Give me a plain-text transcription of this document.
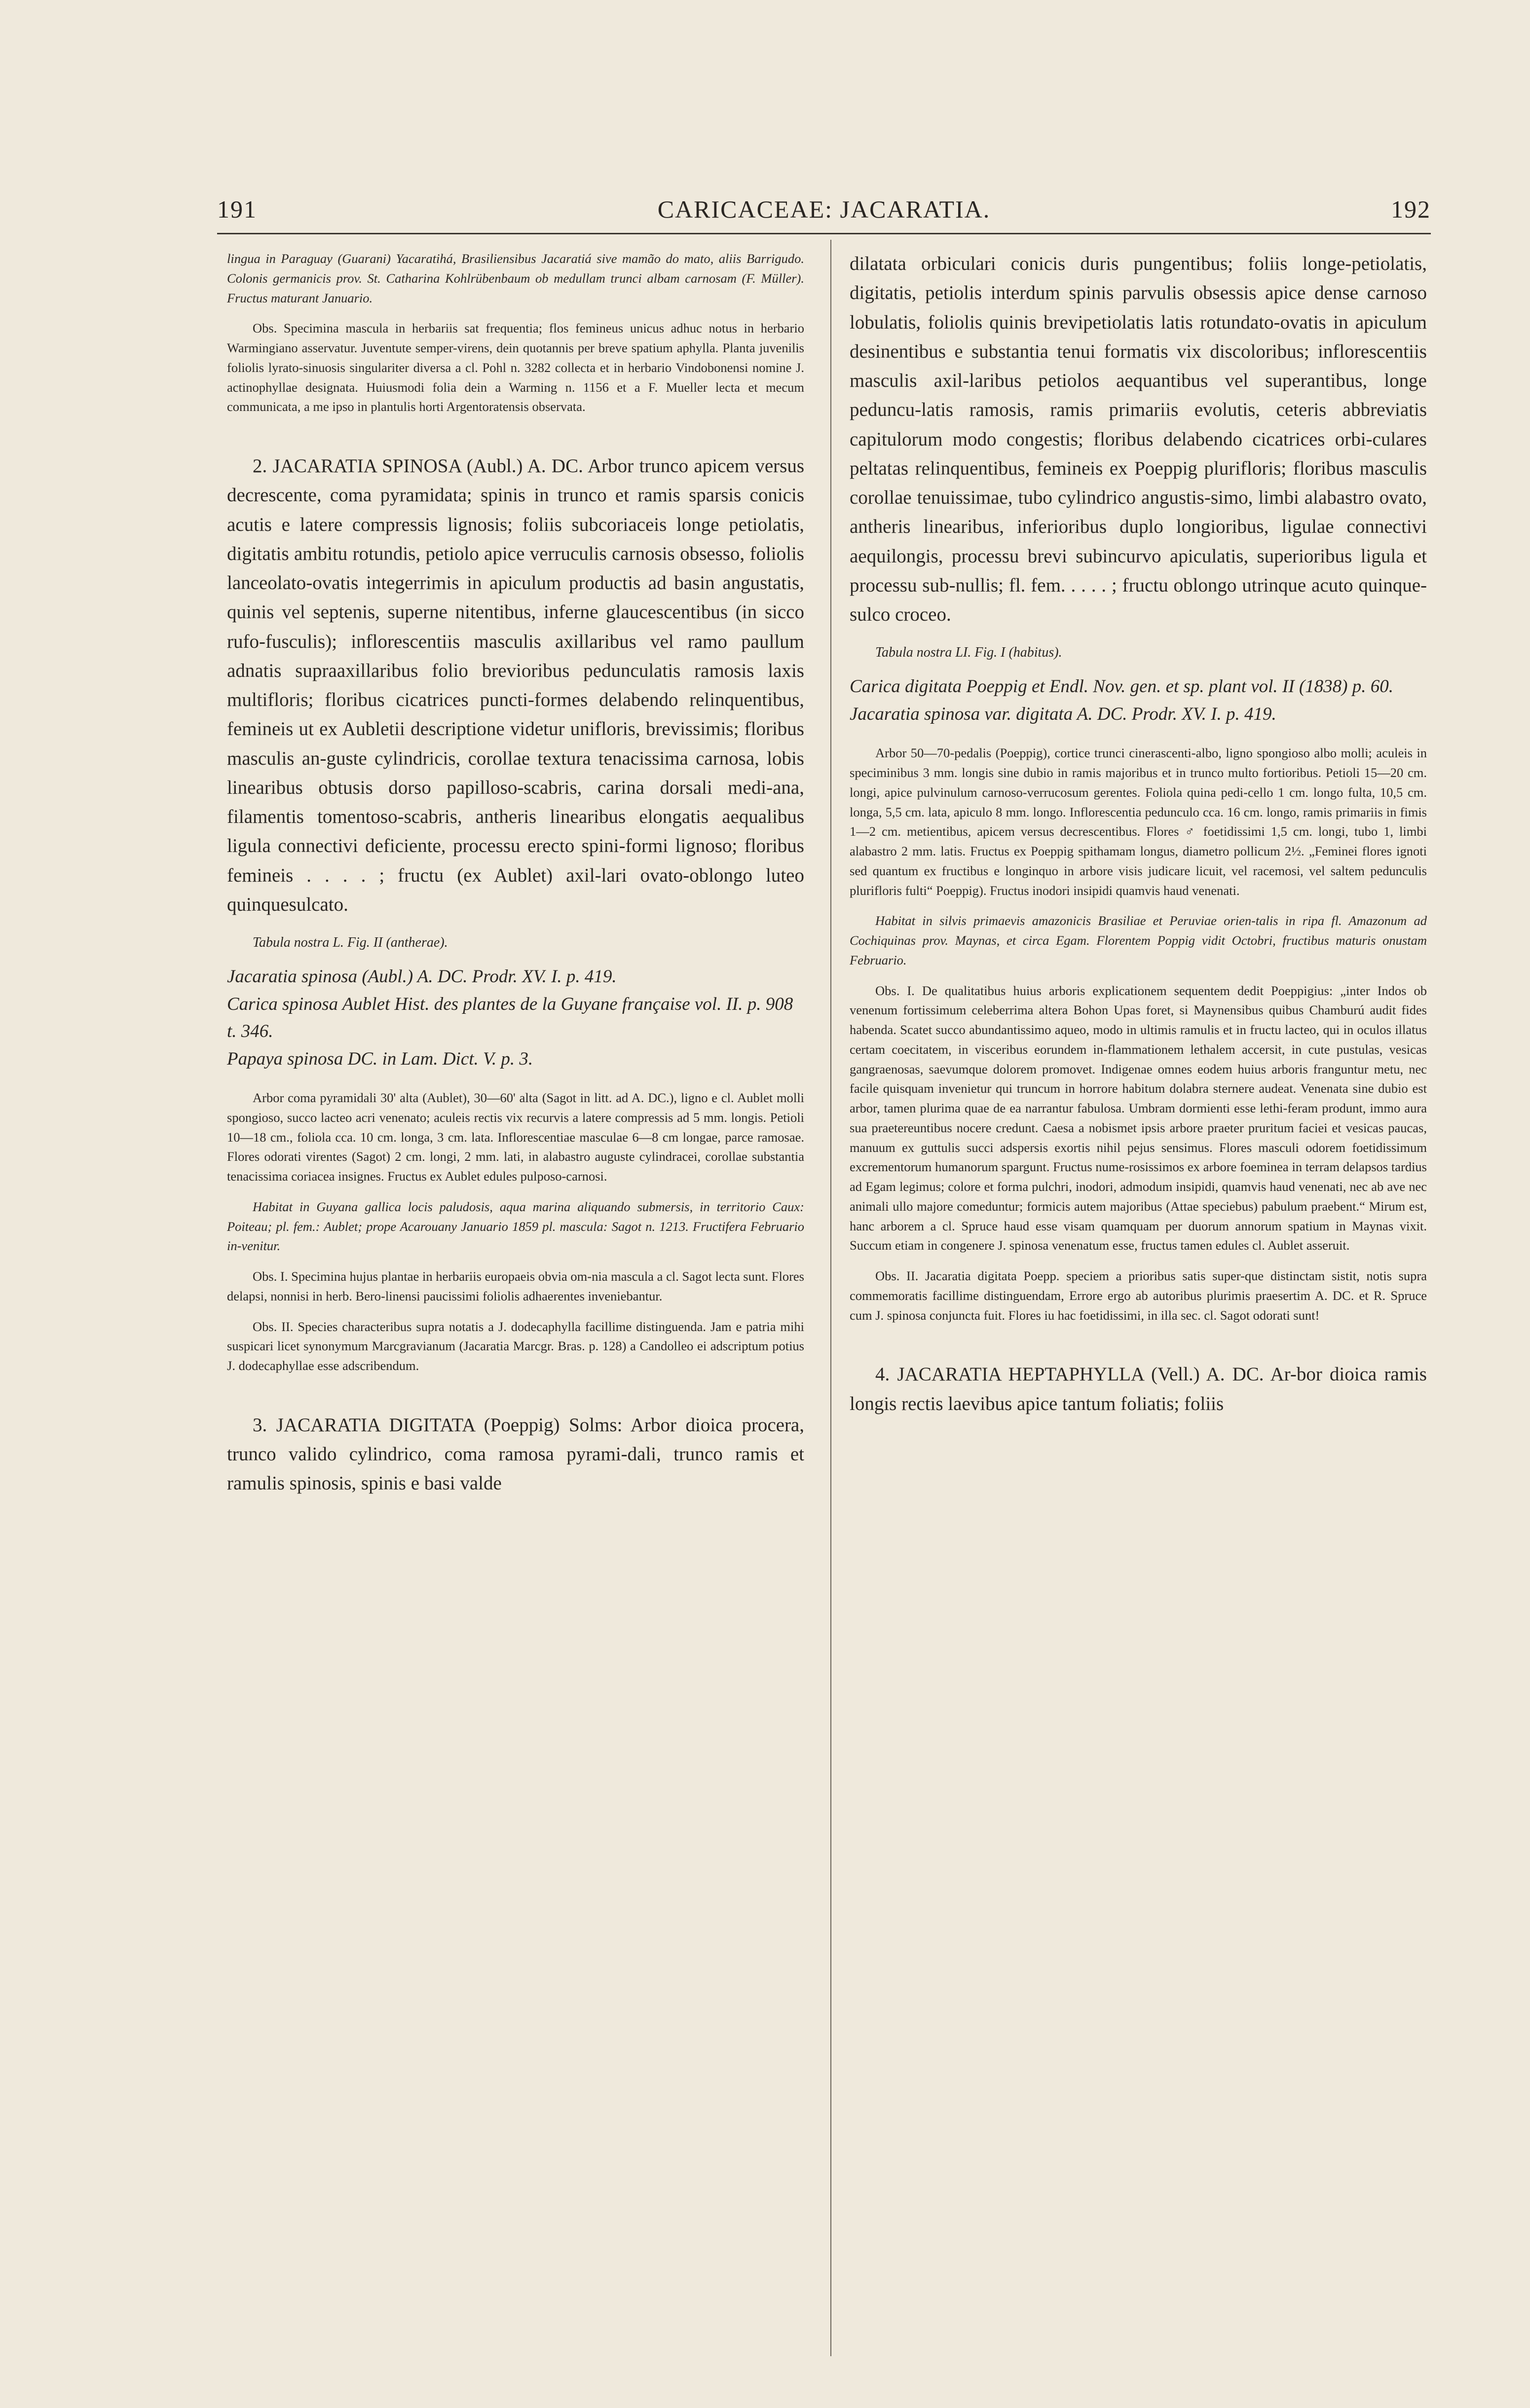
191	CARICACEAE: JACARATIA.	192

lingua in Paraguay (Guarani) Yacaratihá, Brasiliensibus Jacaratiá sive mamão do mato, aliis Barrigudo. Colonis germanicis prov. St. Catharina Kohlrübenbaum ob medullam trunci albam carnosam (F. Müller). Fructus maturant Januario.

Obs. Specimina mascula in herbariis sat frequentia; flos femineus unicus adhuc notus in herbario Warmingiano asservatur. Juventute semper-virens, dein quotannis per breve spatium aphylla. Planta juvenilis foliolis lyrato-sinuosis singulariter diversa a cl. Pohl n. 3282 collecta et in herbario Vindobonensi nomine J. actinophyllae designata. Huiusmodi folia dein a Warming n. 1156 et a F. Mueller lecta et mecum communicata, a me ipso in plantulis horti Argentoratensis observata.

2. JACARATIA SPINOSA (Aubl.) A. DC. Arbor trunco apicem versus decrescente, coma pyramidata; spinis in trunco et ramis sparsis conicis acutis e latere compressis lignosis; foliis subcoriaceis longe petiolatis, digitatis ambitu rotundis, petiolo apice verruculis carnosis obsesso, foliolis lanceolato-ovatis integerrimis in apiculum productis ad basin angustatis, quinis vel septenis, superne nitentibus, inferne glaucescentibus (in sicco rufo-fusculis); inflorescentiis masculis axillaribus vel ramo paullum adnatis supraaxillaribus folio brevioribus pedunculatis ramosis laxis multifloris; floribus cicatrices puncti-formes delabendo relinquentibus, femineis ut ex Aubletii descriptione videtur unifloris, brevissimis; floribus masculis an-guste cylindricis, corollae textura tenacissima carnosa, lobis linearibus obtusis dorso papilloso-scabris, carina dorsali medi-ana, filamentis tomentoso-scabris, antheris linearibus elongatis aequalibus ligula connectivi deficiente, processu erecto spini-formi lignoso; floribus femineis . . . . ; fructu (ex Aublet) axil-lari ovato-oblongo luteo quinquesulcato.

Tabula nostra L. Fig. II (antherae).

Jacaratia spinosa (Aubl.) A. DC. Prodr. XV. I. p. 419.
Carica spinosa Aublet Hist. des plantes de la Guyane française vol. II. p. 908 t. 346.
Papaya spinosa DC. in Lam. Dict. V. p. 3.

Arbor coma pyramidali 30' alta (Aublet), 30—60' alta (Sagot in litt. ad A. DC.), ligno e cl. Aublet molli spongioso, succo lacteo acri venenato; aculeis rectis vix recurvis a latere compressis ad 5 mm. longis. Petioli 10—18 cm., foliola cca. 10 cm. longa, 3 cm. lata. Inflorescentiae masculae 6—8 cm longae, parce ramosae. Flores odorati virentes (Sagot) 2 cm. longi, 2 mm. lati, in alabastro auguste cylindracei, corollae substantia tenacissima coriacea insignes. Fructus ex Aublet edules pulposo-carnosi.

Habitat in Guyana gallica locis paludosis, aqua marina aliquando submersis, in territorio Caux: Poiteau; pl. fem.: Aublet; prope Acarouany Januario 1859 pl. mascula: Sagot n. 1213. Fructifera Februario in-venitur.

Obs. I. Specimina hujus plantae in herbariis europaeis obvia om-nia mascula a cl. Sagot lecta sunt. Flores delapsi, nonnisi in herb. Bero-linensi paucissimi foliolis adhaerentes inveniebantur.

Obs. II. Species characteribus supra notatis a J. dodecaphylla facillime distinguenda. Jam e patria mihi suspicari licet synonymum Marcgravianum (Jacaratia Marcgr. Bras. p. 128) a Candolleo ei adscriptum potius J. dodecaphyllae esse adscribendum.

3. JACARATIA DIGITATA (Poeppig) Solms: Arbor dioica procera, trunco valido cylindrico, coma ramosa pyrami-dali, trunco ramis et ramulis spinosis, spinis e basi valde

dilatata orbiculari conicis duris pungentibus; foliis longe-petiolatis, digitatis, petiolis interdum spinis parvulis obsessis apice dense carnoso lobulatis, foliolis quinis brevipetiolatis latis rotundato-ovatis in apiculum desinentibus e substantia tenui formatis vix discoloribus; inflorescentiis masculis axil-laribus petiolos aequantibus vel superantibus, longe peduncu-latis ramosis, ramis primariis evolutis, ceteris abbreviatis capitulorum modo congestis; floribus delabendo cicatrices orbi-culares peltatas relinquentibus, femineis ex Poeppig plurifloris; floribus masculis corollae tenuissimae, tubo cylindrico angustis-simo, limbi alabastro ovato, antheris linearibus, inferioribus duplo longioribus, ligulae connectivi aequilongis, processu brevi subincurvo apiculatis, superioribus ligula et processu sub-nullis; fl. fem. . . . . ; fructu oblongo utrinque acuto quinque-sulco croceo.

Tabula nostra LI. Fig. I (habitus).

Carica digitata Poeppig et Endl. Nov. gen. et sp. plant vol. II (1838) p. 60.
Jacaratia spinosa var. digitata A. DC. Prodr. XV. I. p. 419.

Arbor 50—70-pedalis (Poeppig), cortice trunci cinerascenti-albo, ligno spongioso albo molli; aculeis in speciminibus 3 mm. longis sine dubio in ramis majoribus et in trunco multo fortioribus. Petioli 15—20 cm. longi, apice pulvinulum carnoso-verrucosum gerentes. Foliola quina pedi-cello 1 cm. longo fulta, 10,5 cm. longa, 5,5 cm. lata, apiculo 8 mm. longo. Inflorescentia pedunculo cca. 16 cm. longo, ramis primariis in fimis 1—2 cm. metientibus, apicem versus decrescentibus. Flores ♂ foetidissimi 1,5 cm. longi, tubo 1, limbi alabastro 2 mm. latis. Fructus ex Poeppig spithamam longus, diametro pollicum 2½. „Feminei flores ignoti sed quantum ex fructibus e longinquo in arbore visis judicare licuit, vel racemosi, vel saltem pedunculis plurifloris fulti“ Poeppig). Fructus inodori insipidi quamvis haud venenati.

Habitat in silvis primaevis amazonicis Brasiliae et Peruviae orien-talis in ripa fl. Amazonum ad Cochiquinas prov. Maynas, et circa Egam. Florentem Poppig vidit Octobri, fructibus maturis onustam Februario.

Obs. I. De qualitatibus huius arboris explicationem sequentem dedit Poeppigius: „inter Indos ob venenum fortissimum celeberrima altera Bohon Upas foret, si Maynensibus quibus Chamburú audit fides habenda. Scatet succo abundantissimo aqueo, modo in ultimis ramulis et in fructu lacteo, qui in oculos illatus certam coecitatem, in visceribus eorundem in-flammationem lethalem accersit, in cute pustulas, vesicas gangraenosas, saevumque dolorem promovet. Indigenae omnes eodem huius arboris franguntur metu, nec facile quisquam invenietur qui truncum in horrore habitum dolabra sternere audeat. Venenata sine dubio est arbor, tamen plurima quae de ea narrantur fabulosa. Umbram dormienti esse lethi-feram produnt, immo aura sua praetereuntibus nocere credunt. Caesa a nobismet ipsis arbore praeter pruritum faciei et vesicas paucas, manuum ex guttulis succi adspersis exortis nihil pejus sensimus. Flores masculi odorem foetidissimum excrementorum humanorum spargunt. Fructus nume-rosissimos ex arbore foeminea in terram delapsos tardius ad Egam legimus; colore et forma pulchri, inodori, admodum insipidi, quamvis haud venenati, nec ab ave nec animali ullo majore comeduntur; formicis autem majoribus (Attae speciebus) pabulum praebent.“ Mirum est, hanc arborem a cl. Spruce haud esse visam quamquam per duorum annorum spatium in Maynas vixit. Succum etiam in congenere J. spinosa venenatum esse, fructus tamen edules cl. Aublet asseruit.

Obs. II. Jacaratia digitata Poepp. speciem a prioribus satis super-que distinctam sistit, notis supra commemoratis facillime distinguendam, Errore ergo ab autoribus plurimis praesertim A. DC. et R. Spruce cum J. spinosa conjuncta fuit. Flores iu hac foetidissimi, in illa sec. cl. Sagot odorati sunt!

4. JACARATIA HEPTAPHYLLA (Vell.) A. DC. Ar-bor dioica ramis longis rectis laevibus apice tantum foliatis; foliis
